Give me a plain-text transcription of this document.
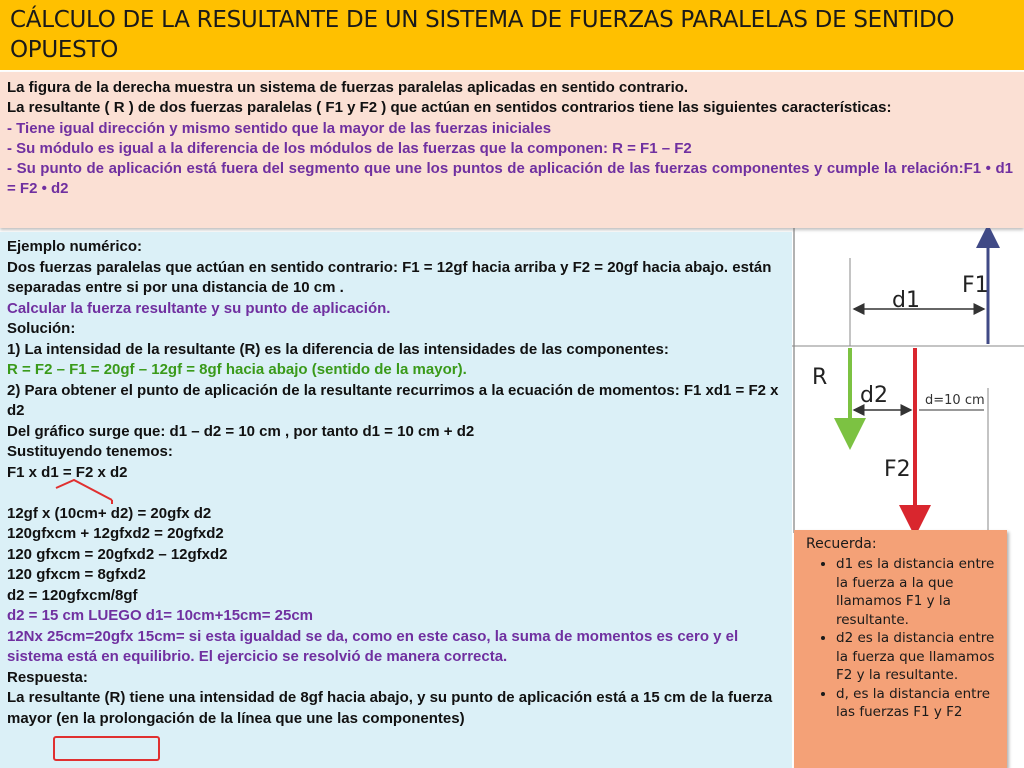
CÁLCULO DE LA RESULTANTE DE UN SISTEMA DE FUERZAS PARALELAS DE SENTIDO OPUESTO

La figura de la derecha muestra un sistema de fuerzas paralelas aplicadas en sentido contrario.

La resultante ( R ) de dos fuerzas paralelas ( F1 y F2 ) que actúan en sentidos contrarios tiene las siguientes características:

- Tiene igual dirección y mismo sentido que la mayor de las fuerzas iniciales

- Su módulo es igual a la diferencia de los módulos de las fuerzas que la componen: R = F1 – F2

- Su punto de aplicación está fuera del segmento que une los puntos de aplicación de las fuerzas componentes y cumple la relación:F1 • d1 = F2 • d2

Ejemplo numérico:

Dos fuerzas paralelas que actúan en sentido contrario: F1 = 12gf hacia arriba y F2 = 20gf hacia abajo. están separadas entre si por una distancia de 10 cm .

Calcular la fuerza resultante y su punto de aplicación.

Solución:

1) La intensidad de la resultante (R) es la diferencia de las intensidades de las componentes:

R = F2 – F1 = 20gf – 12gf = 8gf hacia abajo (sentido de la mayor).

2) Para obtener el punto de aplicación de la resultante recurrimos a la ecuación de momentos: F1 xd1 = F2 x d2

Del gráfico surge que: d1 – d2 = 10 cm , por tanto d1 = 10 cm + d2

Sustituyendo tenemos:

F1 x d1 = F2 x d2

12gf x (10cm+ d2) = 20gfx d2

120gfxcm + 12gfxd2 = 20gfxd2

120 gfxcm = 20gfxd2 – 12gfxd2

120 gfxcm = 8gfxd2

d2 = 120gfxcm/8gf

d2 = 15 cm LUEGO d1= 10cm+15cm= 25cm

12Nx 25cm=20gfx 15cm= si esta igualdad se da, como en este caso, la suma de momentos es cero y el sistema está en equilibrio. El ejercicio se resolvió de manera correcta.

Respuesta:

La resultante (R) tiene una intensidad de 8gf hacia abajo, y su punto de aplicación está a 15 cm de la fuerza mayor (en la prolongación de la línea que une las componentes)

F1
d1
R
d2	d=10 cm
F2
Recuerda:
• d1 es la distancia entre la fuerza a la que llamamos F1 y la resultante.
• d2 es la distancia entre la fuerza que llamamos F2 y la resultante.
• d, es la distancia entre las fuerzas F1 y F2
